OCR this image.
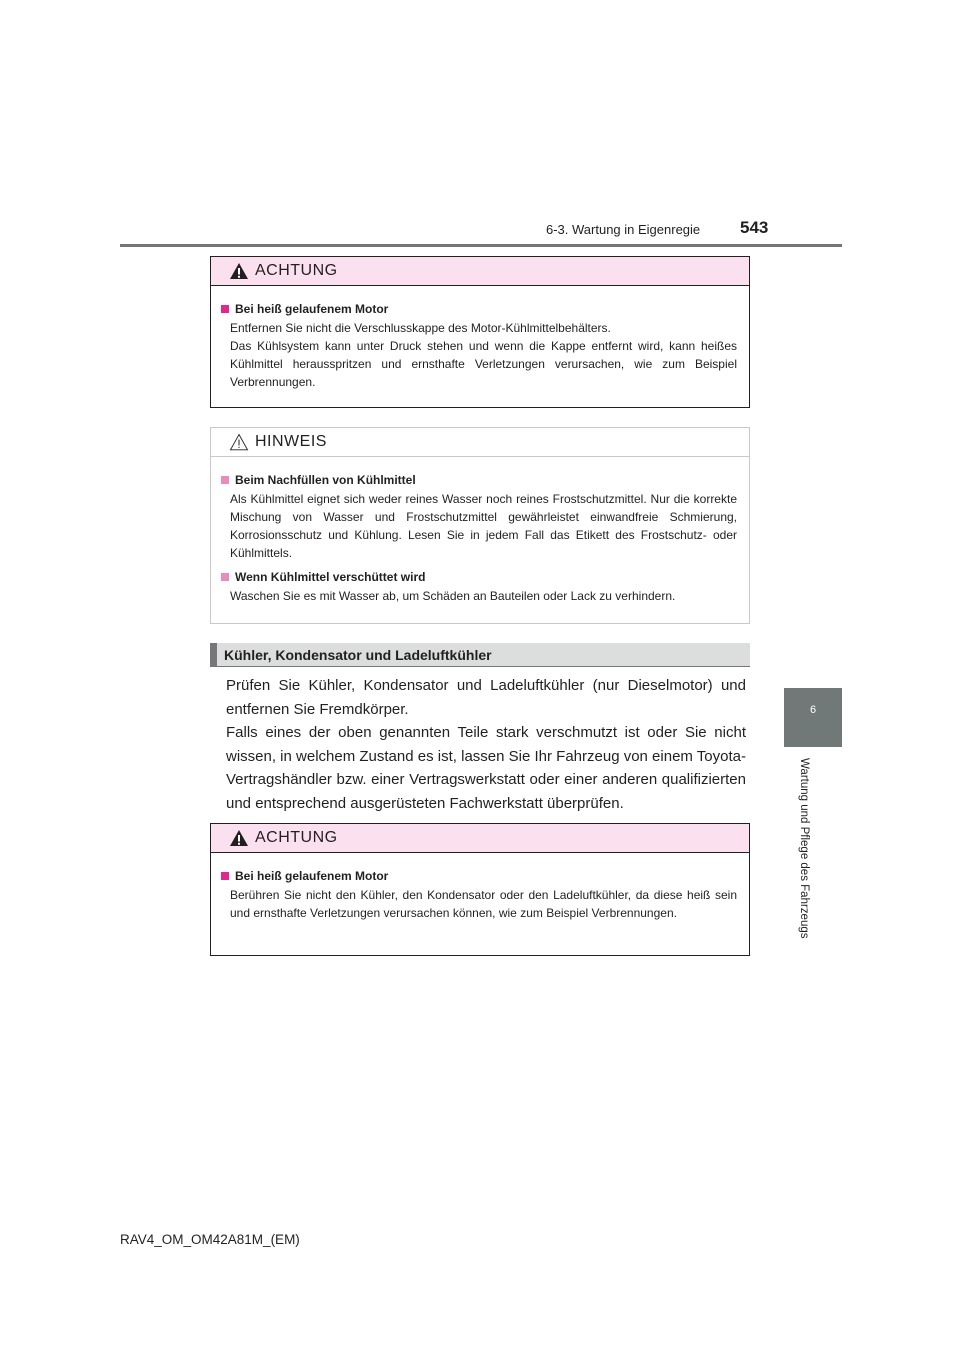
6-3. Wartung in Eigenregie 543
6
Wartung und Pflege des Fahrzeugs
ACHTUNG
Bei heiß gelaufenem Motor

Entfernen Sie nicht die Verschlusskappe des Motor-Kühlmittelbehälters.

Das Kühlsystem kann unter Druck stehen und wenn die Kappe entfernt wird, kann heißes Kühlmittel herausspritzen und ernsthafte Verletzungen verursachen, wie zum Beispiel Verbrennungen.

HINWEIS
Beim Nachfüllen von Kühlmittel

Als Kühlmittel eignet sich weder reines Wasser noch reines Frostschutzmittel. Nur die korrekte Mischung von Wasser und Frostschutzmittel gewährleistet einwandfreie Schmierung, Korrosionsschutz und Kühlung. Lesen Sie in jedem Fall das Etikett des Frostschutz- oder Kühlmittels.

Wenn Kühlmittel verschüttet wird

Waschen Sie es mit Wasser ab, um Schäden an Bauteilen oder Lack zu verhindern.

Kühler, Kondensator und Ladeluftkühler

Prüfen Sie Kühler, Kondensator und Ladeluftkühler (nur Dieselmotor) und entfernen Sie Fremdkörper.

Falls eines der oben genannten Teile stark verschmutzt ist oder Sie nicht wissen, in welchem Zustand es ist, lassen Sie Ihr Fahrzeug von einem Toyota-Vertragshändler bzw. einer Vertragswerkstatt oder einer anderen qualifizierten und entsprechend ausgerüsteten Fachwerkstatt überprüfen.

ACHTUNG
Bei heiß gelaufenem Motor

Berühren Sie nicht den Kühler, den Kondensator oder den Ladeluftkühler, da diese heiß sein und ernsthafte Verletzungen verursachen können, wie zum Beispiel Verbrennungen.

RAV4_OM_OM42A81M_(EM)
